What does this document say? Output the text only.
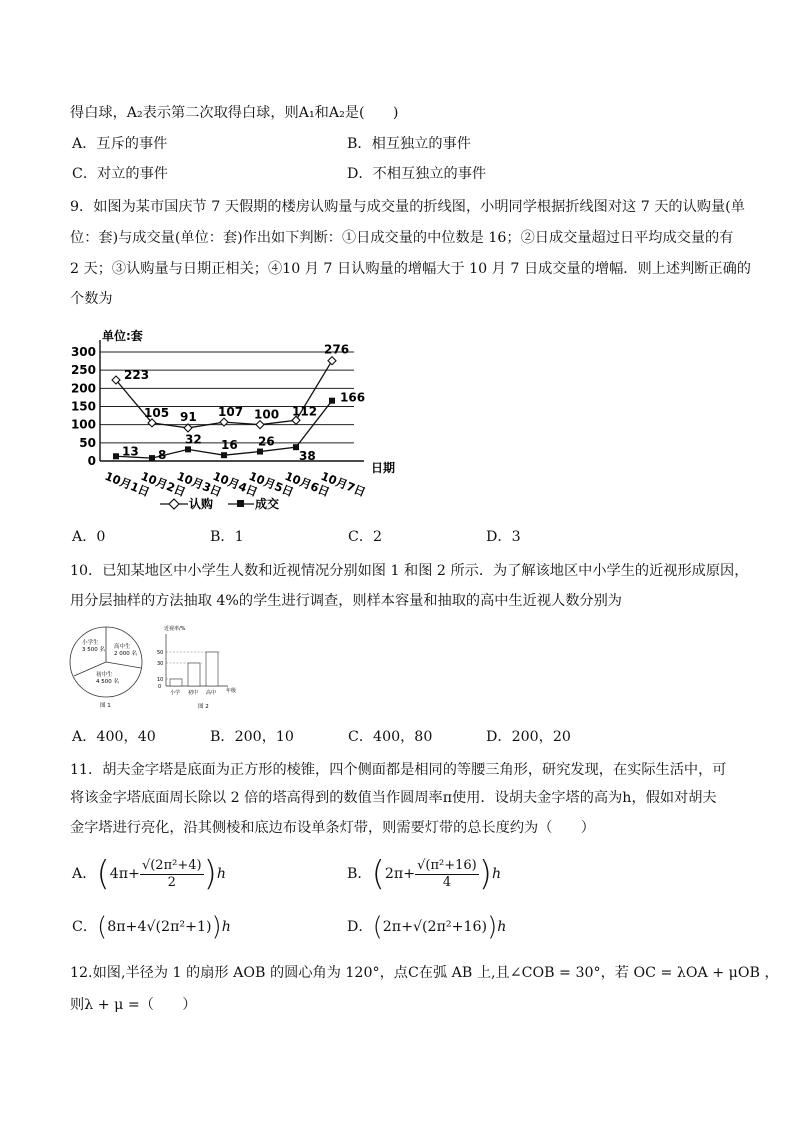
得白球，A₂表示第二次取得白球，则A₁和A₂是(　　)
A．互斥的事件	B．相互独立的事件
C．对立的事件	D．不相互独立的事件
9．如图为某市国庆节 7 天假期的楼房认购量与成交量的折线图，小明同学根据折线图对这 7 天的认购量(单
位：套)与成交量(单位：套)作出如下判断：①日成交量的中位数是 16；②日成交量超过日平均成交量的有
2 天；③认购量与日期正相关；④10 月 7 日认购量的增幅大于 10 月 7 日成交量的增幅．则上述判断正确的
个数为
0
50
100
150
200
250
300
10月1日
10月2日
10月3日
10月4日
10月5日
10月6日
10月7日
223
105 91 107 100 112
276
13 8
32 16 26
38
166
单位:套
日期
认购	成交
A．0	B．1	C．2	D．3
10．已知某地区中小学生人数和近视情况分别如图 1 和图 2 所示．为了解该地区中小学生的近视形成原因，
用分层抽样的方法抽取 4%的学生进行调查，则样本容量和抽取的高中生近视人数分别为
小学生
3 500 名 高中生
2 000 名
初中生
4 500 名
图 1
近视率/%
0
10
30
50
小学 初中 高中 年级
图 2
A．400，40	B．200，10	C．400，80	D．200，20
11．胡夫金字塔是底面为正方形的棱锥，四个侧面都是相同的等腰三角形，研究发现，在实际生活中，可
将该金字塔底面周长除以 2 倍的塔高得到的数值当作圆周率π使用．设胡夫金字塔的高为h，假如对胡夫
金字塔进行亮化，沿其侧棱和底边布设单条灯带，则需要灯带的总长度约为（　　）
A． ( $4\pi+ \frac{\text{√(2π²+4)}}{2}$ ) h	B． ( $2\pi+ \frac{\text{√(π²+16)}}{4}$ ) h
C． ( 8π+4√(2π²+1) ) h	D． ( 2π+√(2π²+16) ) h
12.如图,半径为 1 的扇形 AOB 的圆心角为 120°，点C在弧 AB 上,且∠COB = 30°，若 OC = λOA + μOB ，
则λ + μ =（　　）
